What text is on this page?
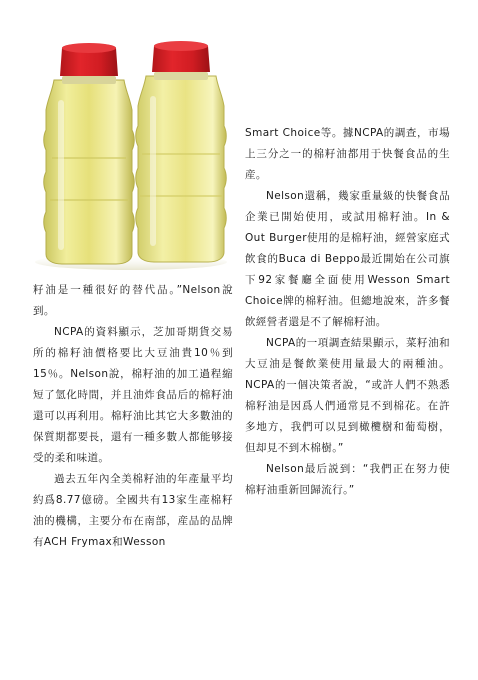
籽油是一種很好的替代品。”Nelson說到。

NCPA的資料顯示，芝加哥期貨交易所的棉籽油價格要比大豆油貴10％到15％。Nelson說，棉籽油的加工過程縮短了氫化時間，并且油炸食品后的棉籽油還可以再利用。棉籽油比其它大多數油的保質期都要長，還有一種多數人都能够接受的柔和味道。

過去五年內全美棉籽油的年產量平均約爲8.77億磅。全國共有13家生產棉籽油的機構，主要分布在南部，産品的品牌有ACH Frymax和Wesson

Smart Choice等。據NCPA的調查，市場上三分之一的棉籽油都用于快餐食品的生産。

Nelson還稱，幾家重量級的快餐食品企業已開始使用，或試用棉籽油。In & Out Burger使用的是棉籽油，經營家庭式飲食的Buca di Beppo最近開始在公司旗下92家餐廳全面使用Wesson Smart Choice牌的棉籽油。但總地說來，許多餐飲經營者還是不了解棉籽油。

NCPA的一項調查結果顯示，菜籽油和大豆油是餐飲業使用量最大的兩種油。NCPA的一個决策者說，“或許人們不熟悉棉籽油是因爲人們通常見不到棉花。在許多地方，我們可以見到橄欖樹和葡萄樹，但却見不到木棉樹。”

Nelson最后説到：“我們正在努力使棉籽油重新回歸流行。”
